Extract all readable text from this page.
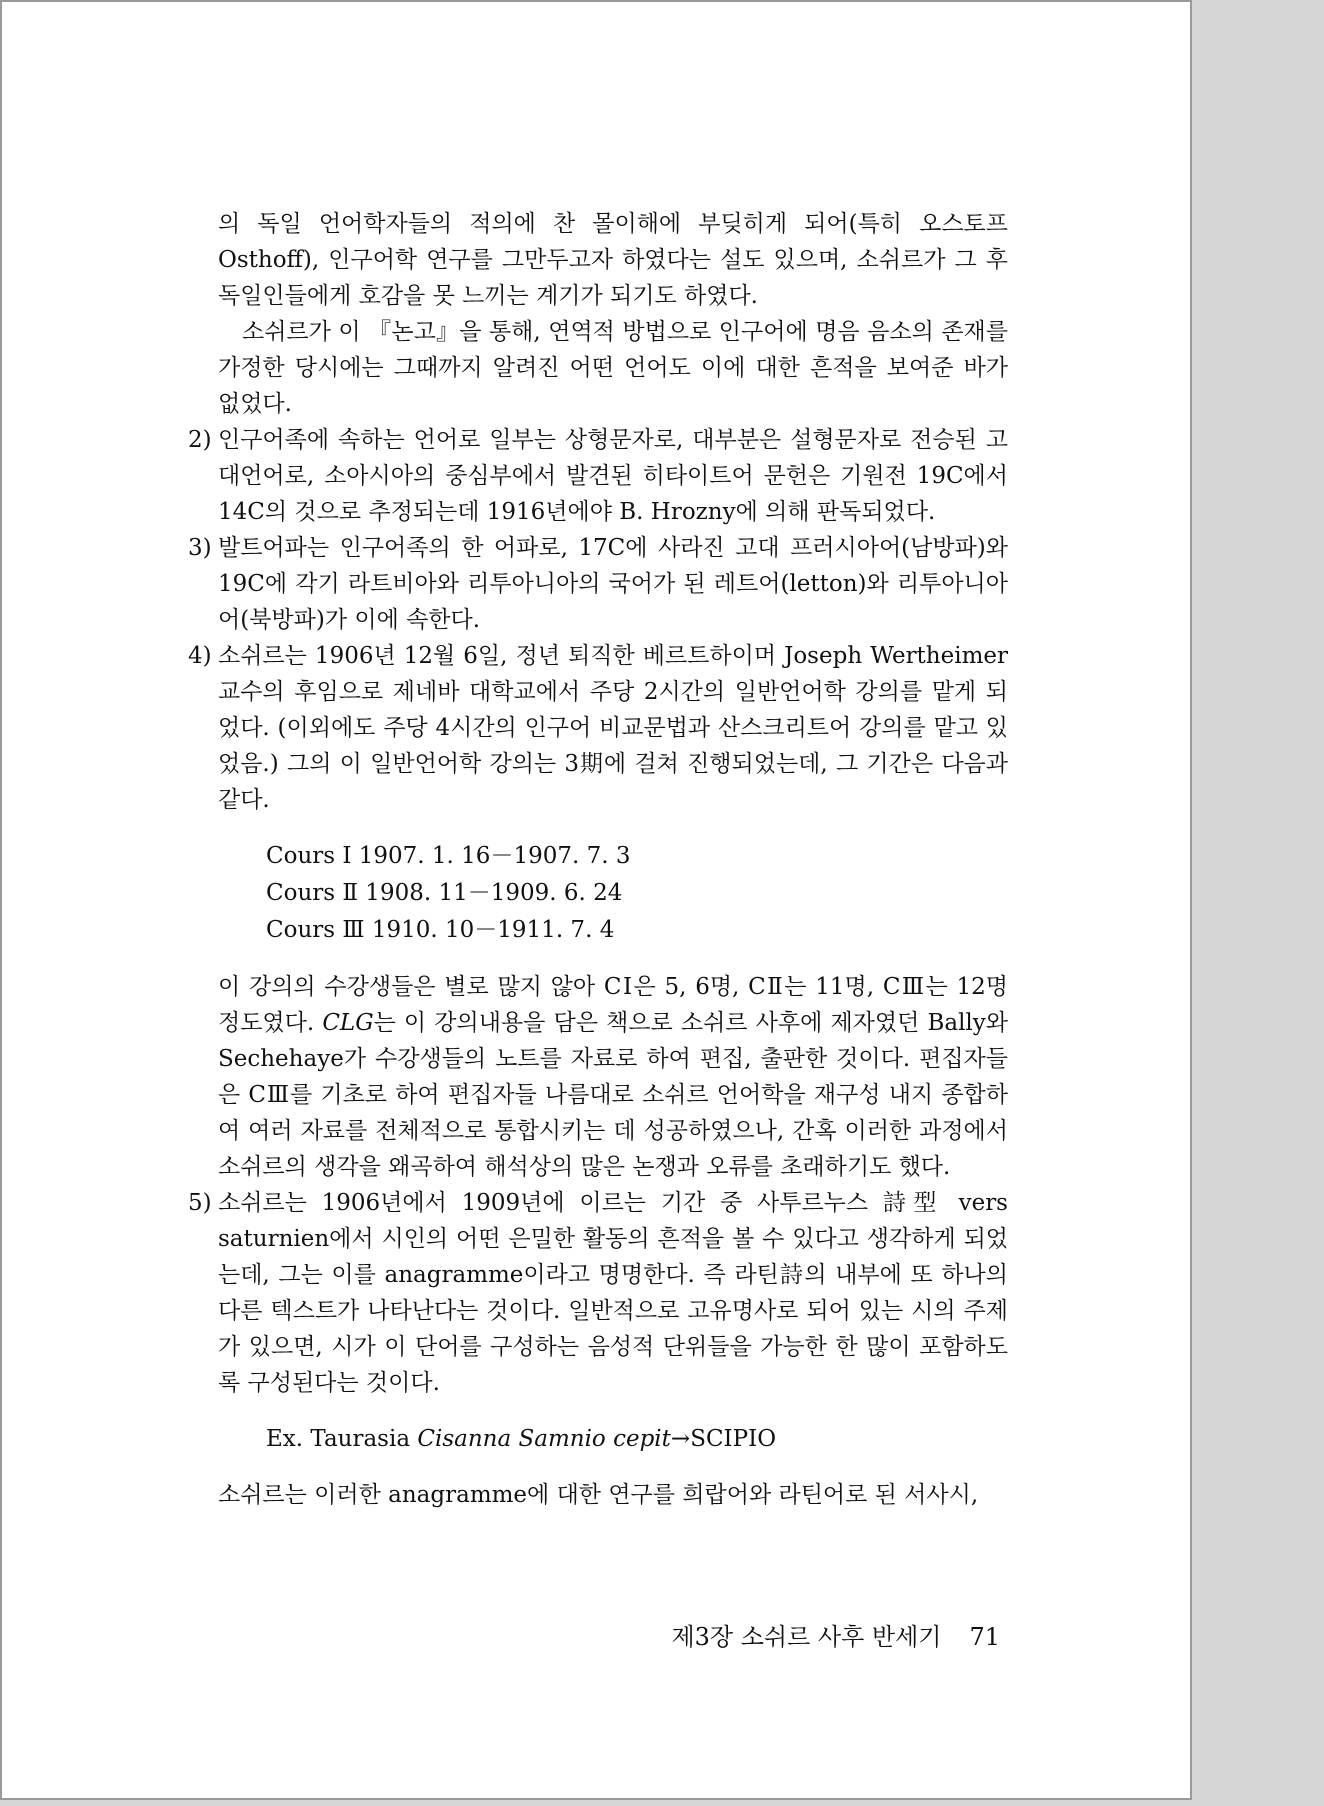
의 독일 언어학자들의 적의에 찬 몰이해에 부딪히게 되어(특히 오스토프 Osthoff), 인구어학 연구를 그만두고자 하였다는 설도 있으며, 소쉬르가 그 후 독일인들에게 호감을 못 느끼는 계기가 되기도 하였다.

소쉬르가 이 『논고』을 통해, 연역적 방법으로 인구어에 명음 음소의 존재를 가정한 당시에는 그때까지 알려진 어떤 언어도 이에 대한 흔적을 보여준 바가 없었다.

2) 인구어족에 속하는 언어로 일부는 상형문자로, 대부분은 설형문자로 전승된 고대언어로, 소아시아의 중심부에서 발견된 히타이트어 문헌은 기원전 19C에서 14C의 것으로 추정되는데 1916년에야 B. Hrozny에 의해 판독되었다.
3) 발트어파는 인구어족의 한 어파로, 17C에 사라진 고대 프러시아어(남방파)와 19C에 각기 라트비아와 리투아니아의 국어가 된 레트어(letton)와 리투아니아어(북방파)가 이에 속한다.
4) 소쉬르는 1906년 12월 6일, 정년 퇴직한 베르트하이머 Joseph Wertheimer 교수의 후임으로 제네바 대학교에서 주당 2시간의 일반언어학 강의를 맡게 되었다. (이외에도 주당 4시간의 인구어 비교문법과 산스크리트어 강의를 맡고 있었음.) 그의 이 일반언어학 강의는 3期에 걸쳐 진행되었는데, 그 기간은 다음과 같다.
Cours Ⅰ 1907. 1. 16－1907. 7. 3
Cours Ⅱ 1908. 11－1909. 6. 24
Cours Ⅲ 1910. 10－1911. 7. 4

이 강의의 수강생들은 별로 많지 않아 CⅠ은 5, 6명, CⅡ는 11명, CⅢ는 12명 정도였다. CLG는 이 강의내용을 담은 책으로 소쉬르 사후에 제자였던 Bally와 Sechehaye가 수강생들의 노트를 자료로 하여 편집, 출판한 것이다. 편집자들은 CⅢ를 기초로 하여 편집자들 나름대로 소쉬르 언어학을 재구성 내지 종합하여 여러 자료를 전체적으로 통합시키는 데 성공하였으나, 간혹 이러한 과정에서 소쉬르의 생각을 왜곡하여 해석상의 많은 논쟁과 오류를 초래하기도 했다.

5) 소쉬르는 1906년에서 1909년에 이르는 기간 중 사투르누스 詩型 vers saturnien에서 시인의 어떤 은밀한 활동의 흔적을 볼 수 있다고 생각하게 되었는데, 그는 이를 anagramme이라고 명명한다. 즉 라틴詩의 내부에 또 하나의 다른 텍스트가 나타난다는 것이다. 일반적으로 고유명사로 되어 있는 시의 주제가 있으면, 시가 이 단어를 구성하는 음성적 단위들을 가능한 한 많이 포함하도록 구성된다는 것이다.
Ex. Taurasia Cisanna Samnio cepit→SCIPIO

소쉬르는 이러한 anagramme에 대한 연구를 희랍어와 라틴어로 된 서사시,

제3장 소쉬르 사후 반세기 71
